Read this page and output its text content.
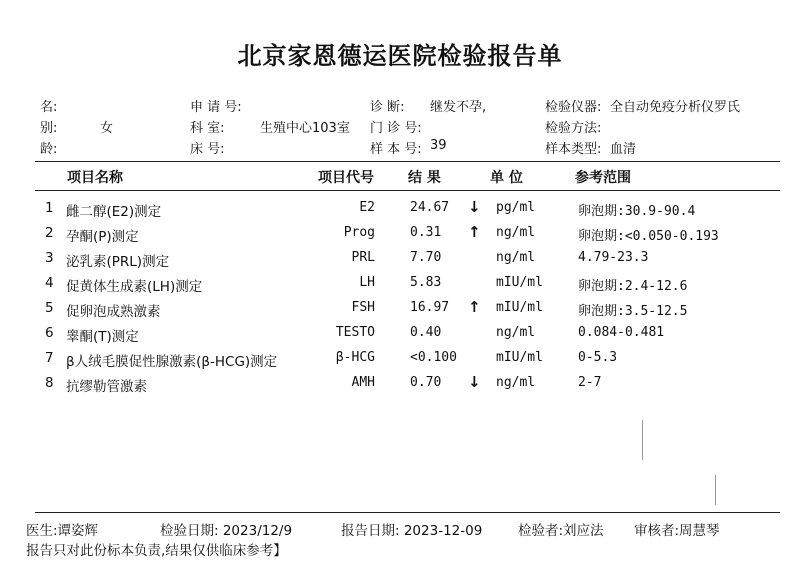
北京家恩德运医院检验报告单
名:
别:	女
龄:
申 请 号:
科 室:	生殖中心103室
床 号:
诊 断: 继发不孕,
门 诊 号:
样 本 号: 39
检验仪器: 全自动免疫分析仪罗氏
检验方法:
样本类型: 血清
项目名称	项目代号 结 果	单 位	参考范围
1 雌二醇(E2)测定	E2	24.67 ↓ pg/ml	卵泡期:30.9-90.4
2 孕酮(P)测定	Prog	0.31 ↑ ng/ml	卵泡期:<0.050-0.193
3 泌乳素(PRL)测定	PRL	7.70	ng/ml	4.79-23.3
4 促黄体生成素(LH)测定	LH	5.83	mIU/ml	卵泡期:2.4-12.6
5 促卵泡成熟激素	FSH	16.97 ↑ mIU/ml	卵泡期:3.5-12.5
6 睾酮(T)测定	TESTO	0.40	ng/ml	0.084-0.481
7 β人绒毛膜促性腺激素(β-HCG)测定	β-HCG	<0.100	mIU/ml	0-5.3
8 抗缪勒管激素	AMH	0.70 ↓ ng/ml	2-7
医生:谭姿辉	检验日期: 2023/12/9	报告日期: 2023-12-09	检验者:刘应法 审核者:周慧琴
报告只对此份标本负责,结果仅供临床参考】
